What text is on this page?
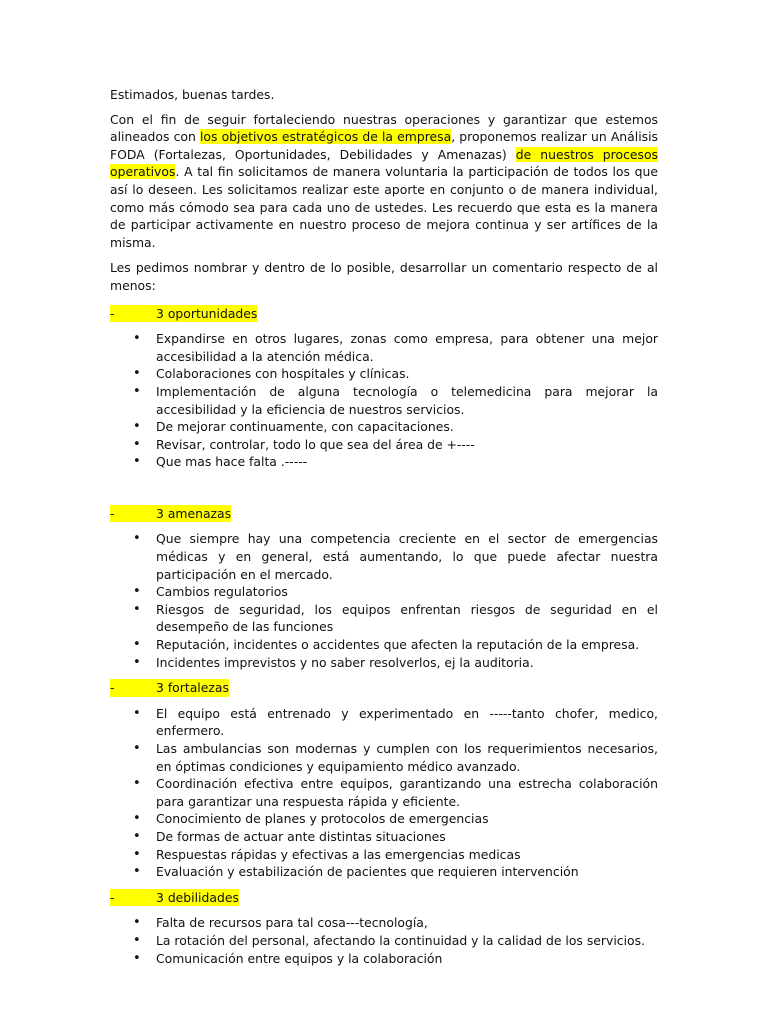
Estimados, buenas tardes.

Con el fin de seguir fortaleciendo nuestras operaciones y garantizar que estemos alineados con los objetivos estratégicos de la empresa, proponemos realizar un Análisis FODA (Fortalezas, Oportunidades, Debilidades y Amenazas) de nuestros procesos operativos. A tal fin solicitamos de manera voluntaria la participación de todos los que así lo deseen. Les solicitamos realizar este aporte en conjunto o de manera individual, como más cómodo sea para cada uno de ustedes. Les recuerdo que esta es la manera de participar activamente en nuestro proceso de mejora continua y ser artífices de la misma.

Les pedimos nombrar y dentro de lo posible, desarrollar un comentario respecto de al menos:

-	3 oportunidades
• Expandirse en otros lugares, zonas como empresa, para obtener una mejor accesibilidad a la atención médica.
• Colaboraciones con hospitales y clínicas.
• Implementación de alguna tecnología o telemedicina para mejorar la accesibilidad y la eficiencia de nuestros servicios.
• De mejorar continuamente, con capacitaciones.
• Revisar, controlar, todo lo que sea del área de +----
• Que mas hace falta .-----
-	3 amenazas
• Que siempre hay una competencia creciente en el sector de emergencias médicas y en general, está aumentando, lo que puede afectar nuestra participación en el mercado.
• Cambios regulatorios
• Riesgos de seguridad, los equipos enfrentan riesgos de seguridad en el desempeño de las funciones
• Reputación, incidentes o accidentes que afecten la reputación de la empresa.
• Incidentes imprevistos y no saber resolverlos, ej la auditoria.
-	3 fortalezas
• El equipo está entrenado y experimentado en -----tanto chofer, medico, enfermero.
• Las ambulancias son modernas y cumplen con los requerimientos necesarios, en óptimas condiciones y equipamiento médico avanzado.
• Coordinación efectiva entre equipos, garantizando una estrecha colaboración para garantizar una respuesta rápida y eficiente.
• Conocimiento de planes y protocolos de emergencias
• De formas de actuar ante distintas situaciones
• Respuestas rápidas y efectivas a las emergencias medicas
• Evaluación y estabilización de pacientes que requieren intervención
-	3 debilidades
• Falta de recursos para tal cosa---tecnología,
• La rotación del personal, afectando la continuidad y la calidad de los servicios.
• Comunicación entre equipos y la colaboración
